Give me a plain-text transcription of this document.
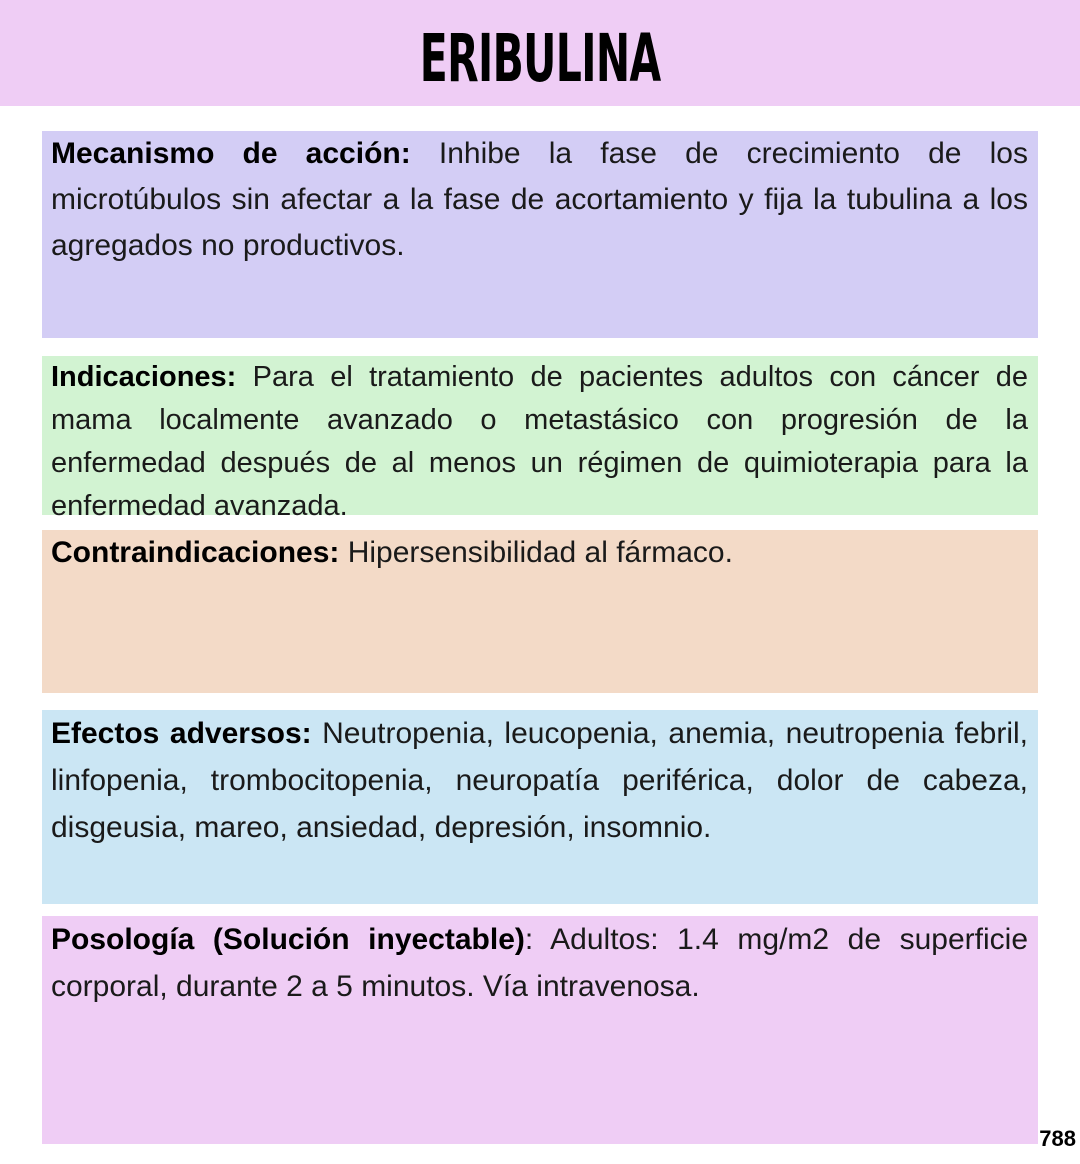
ERIBULINA

Mecanismo de acción: Inhibe la fase de crecimiento de los microtúbulos sin afectar a la fase de acortamiento y fija la tubulina a los agregados no productivos.

Indicaciones: Para el tratamiento de pacientes adultos con cáncer de mama localmente avanzado o metastásico con progresión de la enfermedad después de al menos un régimen de quimioterapia para la enfermedad avanzada.

Contraindicaciones: Hipersensibilidad al fármaco.

Efectos adversos: Neutropenia, leucopenia, anemia, neutropenia febril, linfopenia, trombocitopenia, neuropatía periférica, dolor de cabeza, disgeusia, mareo, ansiedad, depresión, insomnio.

Posología (Solución inyectable): Adultos: 1.4 mg/m2 de superficie corporal, durante 2 a 5 minutos. Vía intravenosa.

788
